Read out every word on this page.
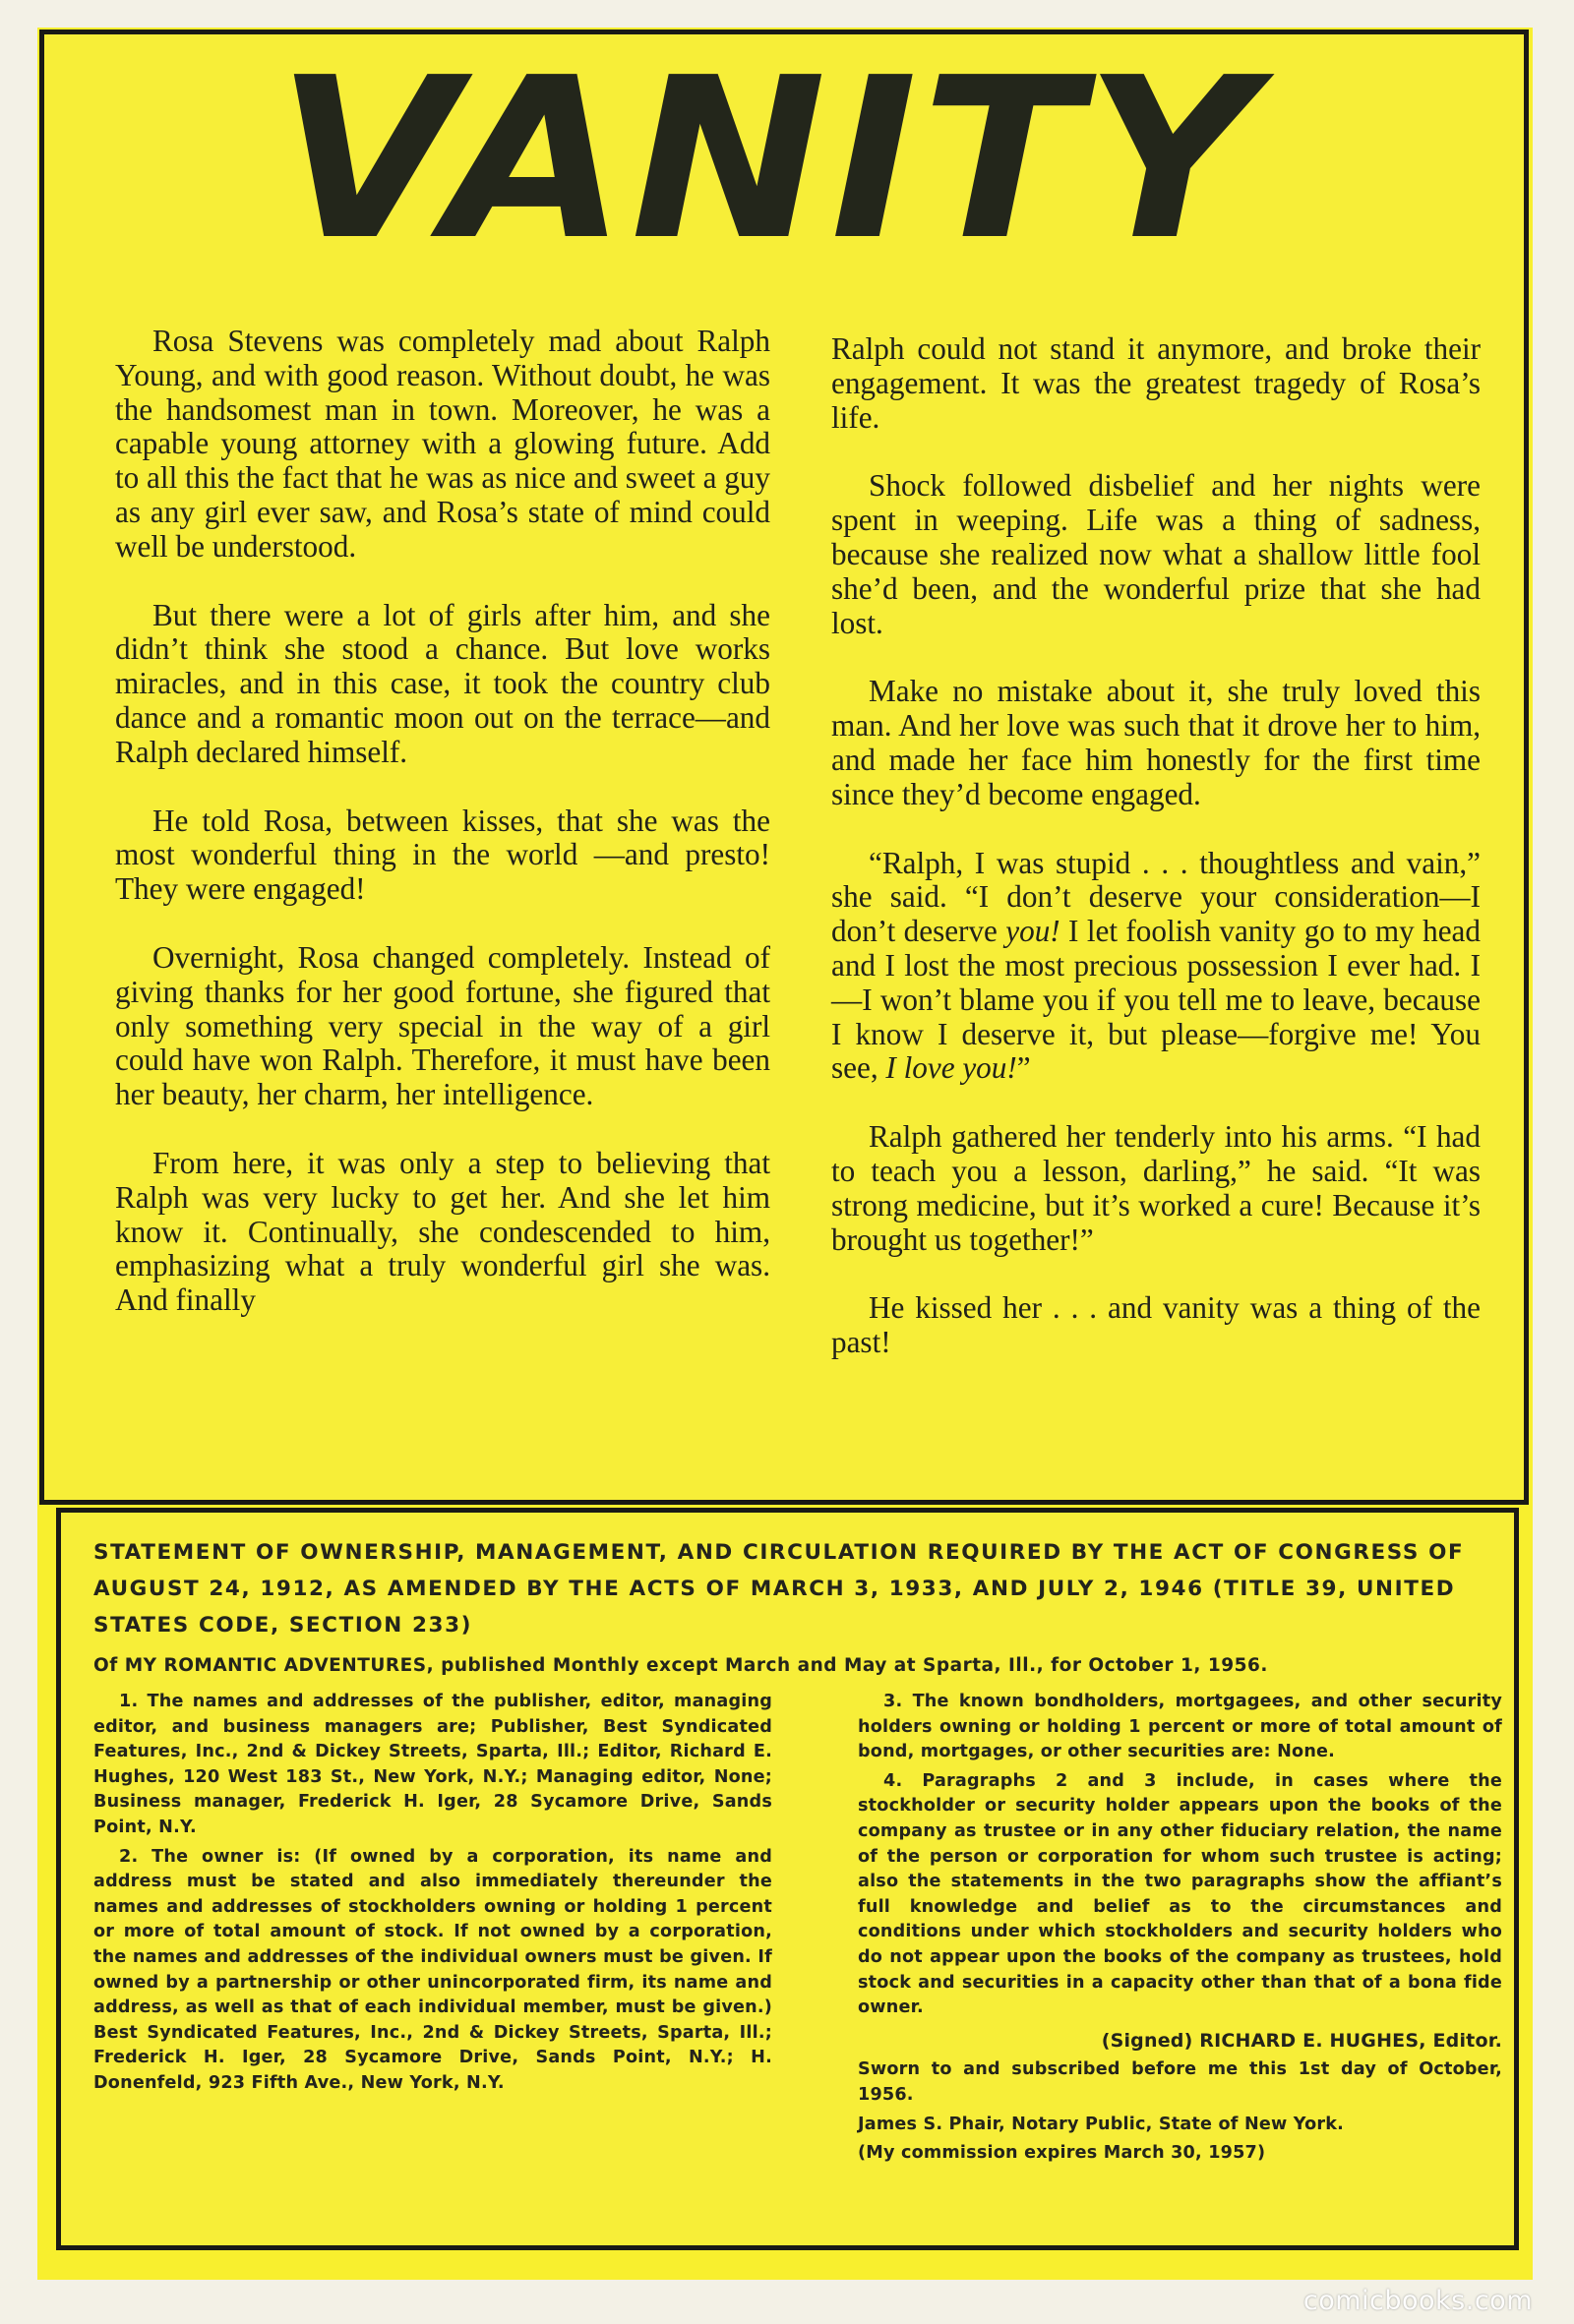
VANITY

Rosa Stevens was completely mad about Ralph Young, and with good reason. Without doubt, he was the handsomest man in town. Moreover, he was a capable young attorney with a glowing future. Add to all this the fact that he was as nice and sweet a guy as any girl ever saw, and Rosa’s state of mind could well be understood.

But there were a lot of girls after him, and she didn’t think she stood a chance. But love works miracles, and in this case, it took the country club dance and a romantic moon out on the terrace—and Ralph declared himself.

He told Rosa, between kisses, that she was the most wonderful thing in the world —and presto! They were engaged!

Overnight, Rosa changed completely. Instead of giving thanks for her good fortune, she figured that only something very special in the way of a girl could have won Ralph. Therefore, it must have been her beauty, her charm, her intelligence.

From here, it was only a step to believing that Ralph was very lucky to get her. And she let him know it. Continually, she condescended to him, emphasizing what a truly wonderful girl she was. And finally

Ralph could not stand it anymore, and broke their engagement. It was the greatest tragedy of Rosa’s life.

Shock followed disbelief and her nights were spent in weeping. Life was a thing of sadness, because she realized now what a shallow little fool she’d been, and the wonderful prize that she had lost.

Make no mistake about it, she truly loved this man. And her love was such that it drove her to him, and made her face him honestly for the first time since they’d become engaged.

“Ralph, I was stupid . . . thoughtless and vain,” she said. “I don’t deserve your consideration—I don’t deserve you! I let foolish vanity go to my head and I lost the most precious possession I ever had. I—I won’t blame you if you tell me to leave, because I know I deserve it, but please—forgive me! You see, I love you!”

Ralph gathered her tenderly into his arms. “I had to teach you a lesson, darling,” he said. “It was strong medicine, but it’s worked a cure! Because it’s brought us together!”

He kissed her . . . and vanity was a thing of the past!

STATEMENT OF OWNERSHIP, MANAGEMENT, AND CIRCULATION REQUIRED BY THE ACT OF CONGRESS OF AUGUST 24, 1912, AS AMENDED BY THE ACTS OF MARCH 3, 1933, AND JULY 2, 1946 (TITLE 39, UNITED STATES CODE, SECTION 233)
Of MY ROMANTIC ADVENTURES, published Monthly except March and May at Sparta, Ill., for October 1, 1956.

1. The names and addresses of the publisher, editor, managing editor, and business managers are; Publisher, Best Syndicated Features, Inc., 2nd & Dickey Streets, Sparta, Ill.; Editor, Richard E. Hughes, 120 West 183 St., New York, N.Y.; Managing editor, None; Business manager, Frederick H. Iger, 28 Sycamore Drive, Sands Point, N.Y.

2. The owner is: (If owned by a corporation, its name and address must be stated and also immediately thereunder the names and addresses of stockholders owning or holding 1 percent or more of total amount of stock. If not owned by a corporation, the names and addresses of the individual owners must be given. If owned by a partnership or other unincorporated firm, its name and address, as well as that of each individual member, must be given.) Best Syndicated Features, Inc., 2nd & Dickey Streets, Sparta, Ill.; Frederick H. Iger, 28 Sycamore Drive, Sands Point, N.Y.; H. Donenfeld, 923 Fifth Ave., New York, N.Y.

3. The known bondholders, mortgagees, and other security holders owning or holding 1 percent or more of total amount of bond, mortgages, or other securities are: None.

4. Paragraphs 2 and 3 include, in cases where the stockholder or security holder appears upon the books of the company as trustee or in any other fiduciary relation, the name of the person or corporation for whom such trustee is acting; also the statements in the two paragraphs show the affiant’s full knowledge and belief as to the circumstances and conditions under which stockholders and security holders who do not appear upon the books of the company as trustees, hold stock and securities in a capacity other than that of a bona fide owner.

(Signed) RICHARD E. HUGHES, Editor.

Sworn to and subscribed before me this 1st day of October, 1956.

James S. Phair, Notary Public, State of New York.

(My commission expires March 30, 1957)

comicbooks.com
